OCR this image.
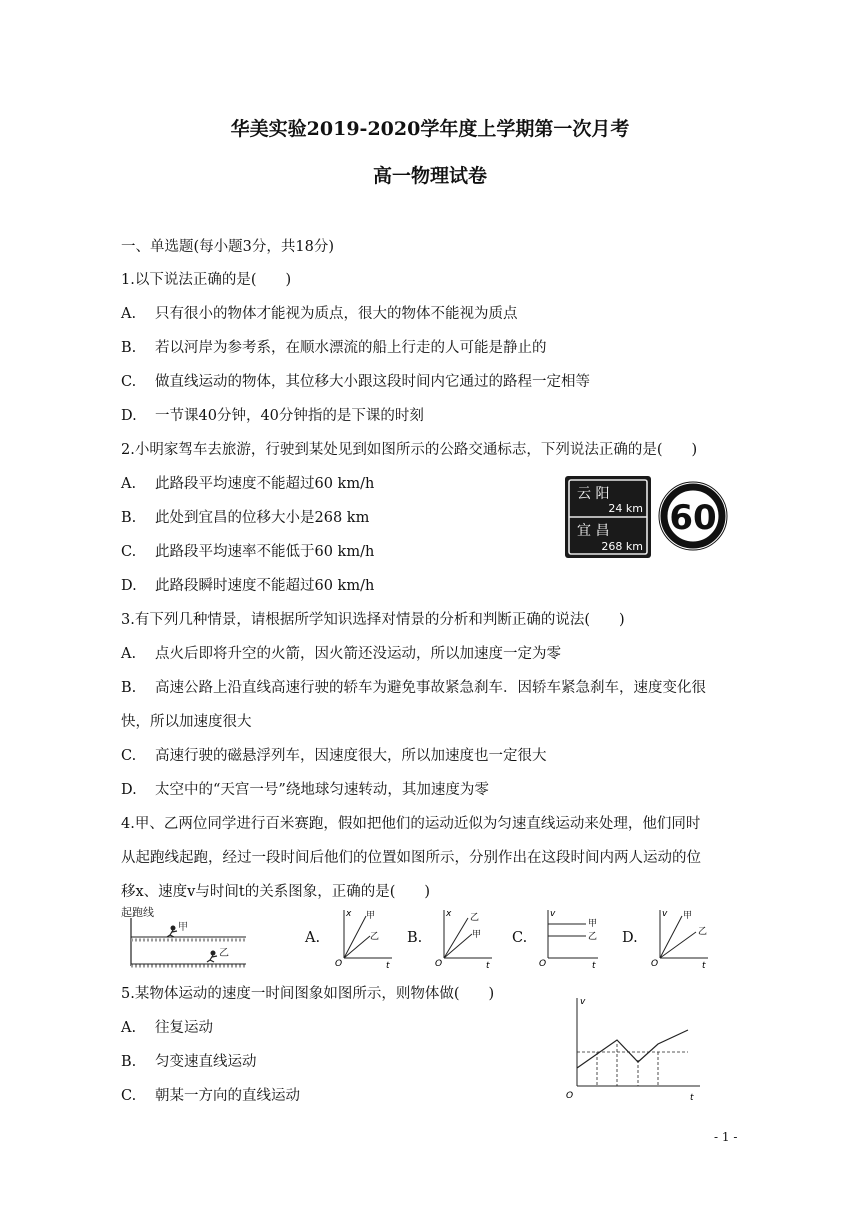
华美实验2019-2020学年度上学期第一次月考
高一物理试卷
一、单选题(每小题3分，共18分)
1.以下说法正确的是(　　)
A. 只有很小的物体才能视为质点，很大的物体不能视为质点
B. 若以河岸为参考系，在顺水漂流的船上行走的人可能是静止的
C. 做直线运动的物体，其位移大小跟这段时间内它通过的路程一定相等
D. 一节课40分钟，40分钟指的是下课的时刻
2.小明家驾车去旅游，行驶到某处见到如图所示的公路交通标志，下列说法正确的是(　　)
A. 此路段平均速度不能超过60 km/h
B. 此处到宜昌的位移大小是268 km
C. 此路段平均速率不能低于60 km/h
D. 此路段瞬时速度不能超过60 km/h
云 阳
24 km
宜 昌
268 km
60
3.有下列几种情景，请根据所学知识选择对情景的分析和判断正确的说法(　　)
A. 点火后即将升空的火箭，因火箭还没运动，所以加速度一定为零
B. 高速公路上沿直线高速行驶的轿车为避免事故紧急刹车．因轿车紧急刹车，速度变化很
快，所以加速度很大
C. 高速行驶的磁悬浮列车，因速度很大，所以加速度也一定很大
D. 太空中的“天宫一号”绕地球匀速转动，其加速度为零
4.甲、乙两位同学进行百米赛跑，假如把他们的运动近似为匀速直线运动来处理，他们同时
从起跑线起跑，经过一段时间后他们的位置如图所示，分别作出在这段时间内两人运动的位
移x、速度v与时间t的关系图象，正确的是(　　)
起跑线
甲
乙
A.
x
O	t
甲
乙 B.
x
O	t
乙
甲 C.
v
O	t
甲
乙 D.
v
O	t
甲
乙
5.某物体运动的速度一时间图象如图所示，则物体做(　　)
A. 往复运动
B. 匀变速直线运动
C. 朝某一方向的直线运动
v
O	t
- 1 -
